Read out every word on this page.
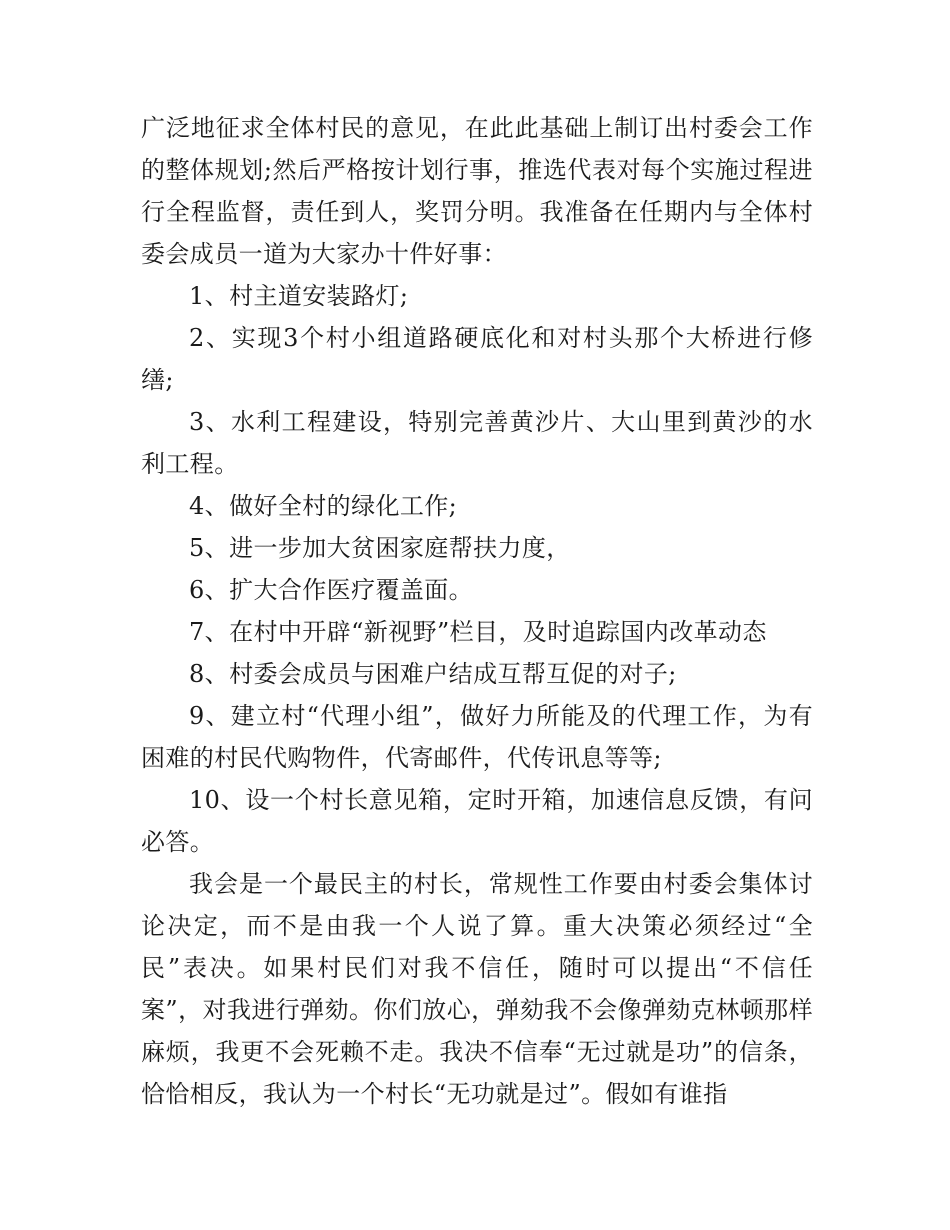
广泛地征求全体村民的意见，在此此基础上制订出村委会工作的整体规划;然后严格按计划行事，推选代表对每个实施过程进行全程监督，责任到人，奖罚分明。我准备在任期内与全体村委会成员一道为大家办十件好事：

1、村主道安装路灯;

2、实现3个村小组道路硬底化和对村头那个大桥进行修缮;

3、水利工程建设，特别完善黄沙片、大山里到黄沙的水利工程。

4、做好全村的绿化工作;

5、进一步加大贫困家庭帮扶力度，

6、扩大合作医疗覆盖面。

7、在村中开辟“新视野”栏目，及时追踪国内改革动态

8、村委会成员与困难户结成互帮互促的对子;

9、建立村“代理小组”，做好力所能及的代理工作，为有困难的村民代购物件，代寄邮件，代传讯息等等;

10、设一个村长意见箱，定时开箱，加速信息反馈，有问必答。

我会是一个最民主的村长，常规性工作要由村委会集体讨论决定，而不是由我一个人说了算。重大决策必须经过“全民”表决。如果村民们对我不信任，随时可以提出“不信任案”，对我进行弹劾。你们放心，弹劾我不会像弹劾克林顿那样麻烦，我更不会死赖不走。我决不信奉“无过就是功”的信条，恰恰相反，我认为一个村长“无功就是过”。假如有谁指
